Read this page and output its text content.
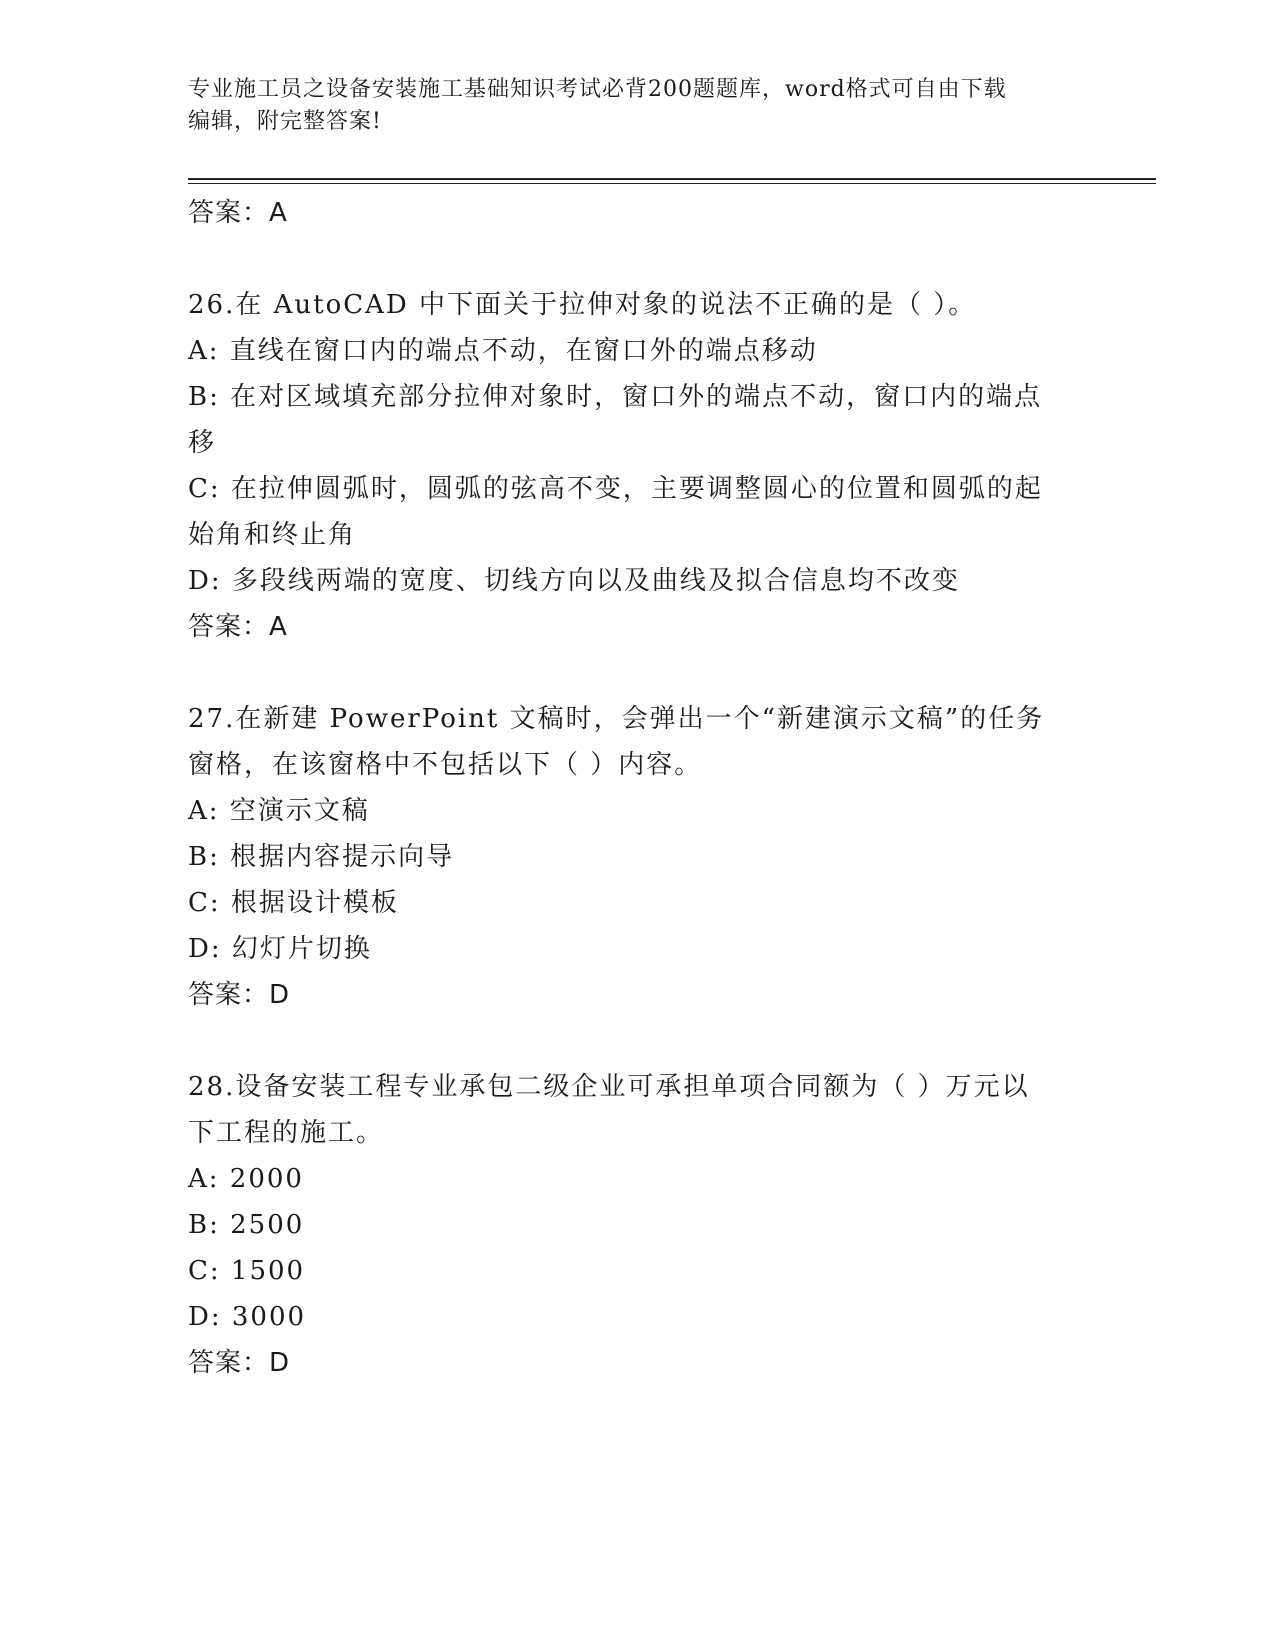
专业施工员之设备安装施工基础知识考试必背200题题库，word格式可自由下载
编辑，附完整答案!
答案：A
26.在 AutoCAD 中下面关于拉伸对象的说法不正确的是（ ）。
A: 直线在窗口内的端点不动，在窗口外的端点移动
B: 在对区域填充部分拉伸对象时，窗口外的端点不动，窗口内的端点
移
C: 在拉伸圆弧时，圆弧的弦高不变，主要调整圆心的位置和圆弧的起
始角和终止角
D: 多段线两端的宽度、切线方向以及曲线及拟合信息均不改变
答案：A
27.在新建 PowerPoint 文稿时，会弹出一个“新建演示文稿”的任务
窗格，在该窗格中不包括以下（ ）内容。
A: 空演示文稿
B: 根据内容提示向导
C: 根据设计模板
D: 幻灯片切换
答案：D
28.设备安装工程专业承包二级企业可承担单项合同额为（ ）万元以
下工程的施工。
A: 2000
B: 2500
C: 1500
D: 3000
答案：D
